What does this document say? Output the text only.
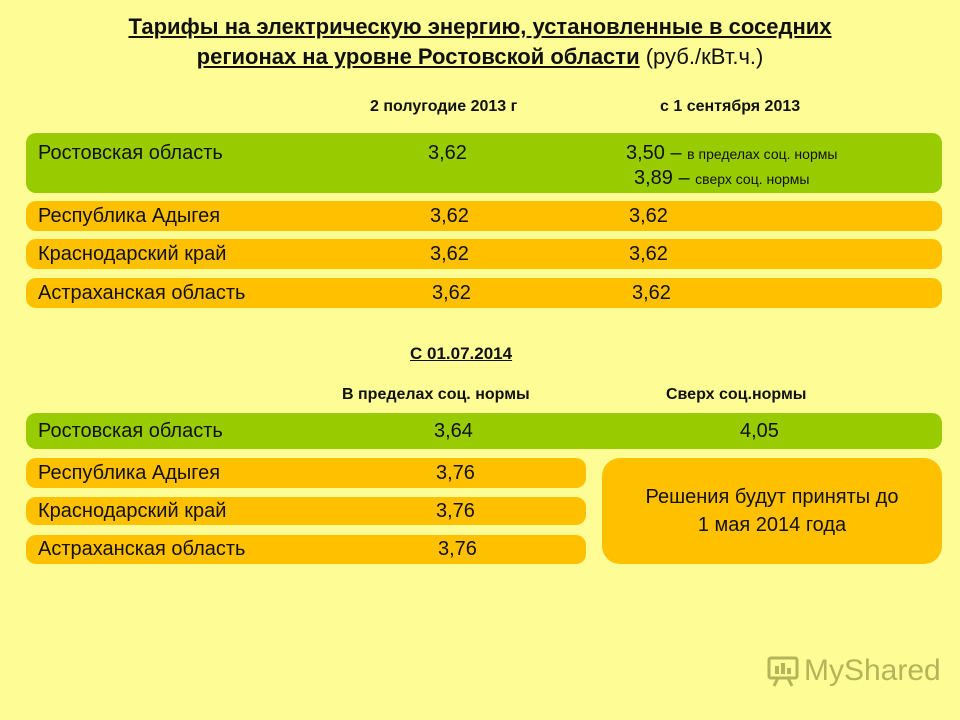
Тарифы на электрическую энергию, установленные в соседних
регионах на уровне Ростовской области (руб./кВт.ч.)
2 полугодие 2013 г	с 1 сентября 2013
Ростовская область	3,62	3,50 – в пределах соц. нормы
3,89 – сверх соц. нормы
Республика Адыгея	3,62	3,62
Краснодарский край	3,62	3,62
Астраханская область	3,62	3,62
С 01.07.2014
В пределах соц. нормы	Сверх соц.нормы
Ростовская область	3,64	4,05
Республика Адыгея	3,76
Краснодарский край	3,76
Астраханская область	3,76
Решения будут приняты до
1 мая 2014 года
MyShared
